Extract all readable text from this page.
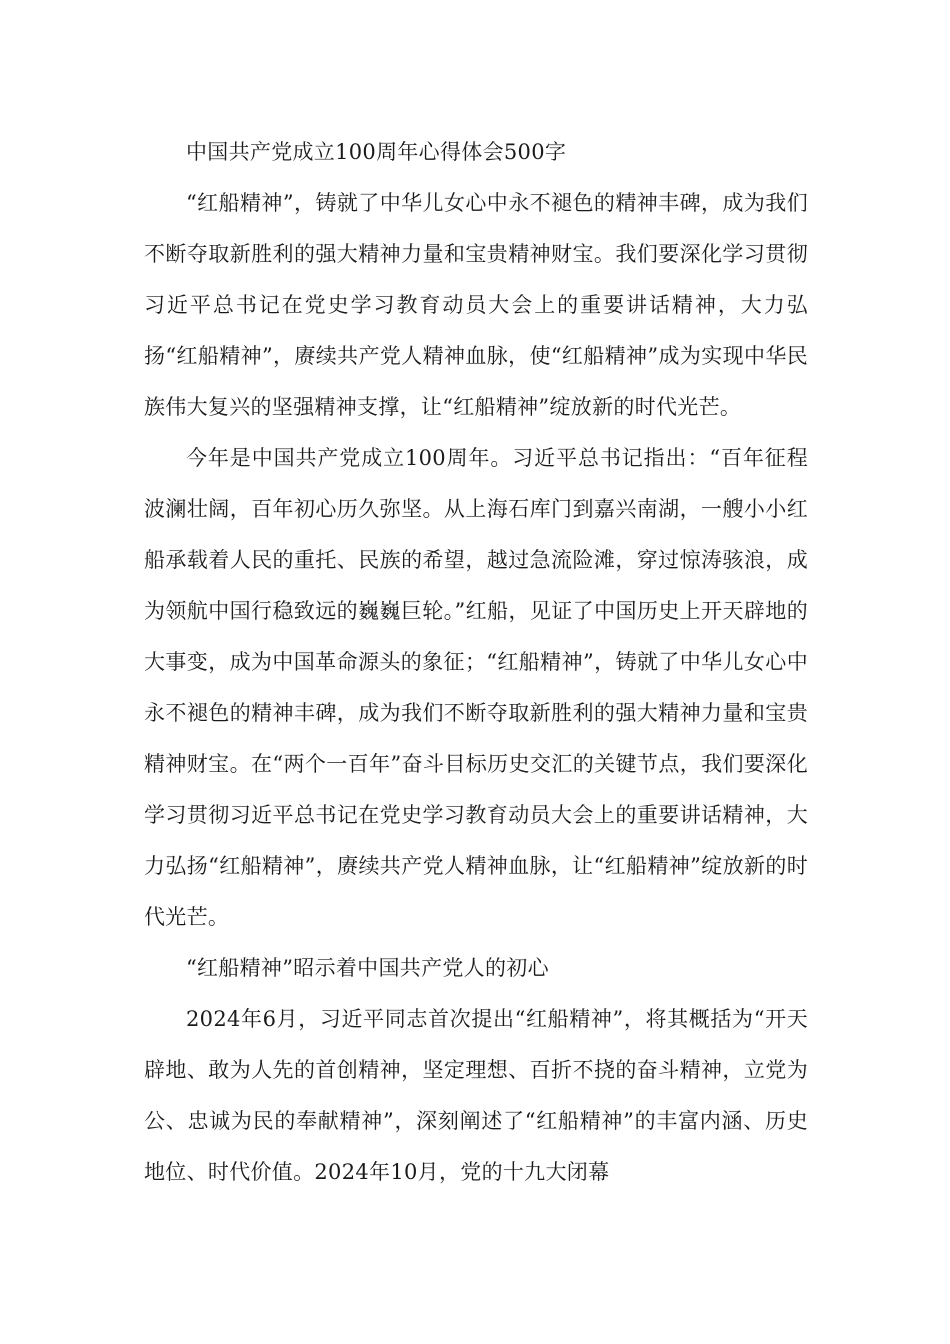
中国共产党成立100周年心得体会500字

“红船精神”，铸就了中华儿女心中永不褪色的精神丰碑，成为我们不断夺取新胜利的强大精神力量和宝贵精神财宝。我们要深化学习贯彻习近平总书记在党史学习教育动员大会上的重要讲话精神，大力弘扬“红船精神”，赓续共产党人精神血脉，使“红船精神”成为实现中华民族伟大复兴的坚强精神支撑，让“红船精神”绽放新的时代光芒。

今年是中国共产党成立100周年。习近平总书记指出：“百年征程波澜壮阔，百年初心历久弥坚。从上海石库门到嘉兴南湖，一艘小小红船承载着人民的重托、民族的希望，越过急流险滩，穿过惊涛骇浪，成为领航中国行稳致远的巍巍巨轮。”红船，见证了中国历史上开天辟地的大事变，成为中国革命源头的象征；“红船精神”，铸就了中华儿女心中永不褪色的精神丰碑，成为我们不断夺取新胜利的强大精神力量和宝贵精神财宝。在“两个一百年”奋斗目标历史交汇的关键节点，我们要深化学习贯彻习近平总书记在党史学习教育动员大会上的重要讲话精神，大力弘扬“红船精神”，赓续共产党人精神血脉，让“红船精神”绽放新的时代光芒。

“红船精神”昭示着中国共产党人的初心

2024年6月，习近平同志首次提出“红船精神”，将其概括为“开天辟地、敢为人先的首创精神，坚定理想、百折不挠的奋斗精神，立党为公、忠诚为民的奉献精神”，深刻阐述了“红船精神”的丰富内涵、历史地位、时代价值。2024年10月，党的十九大闭幕
